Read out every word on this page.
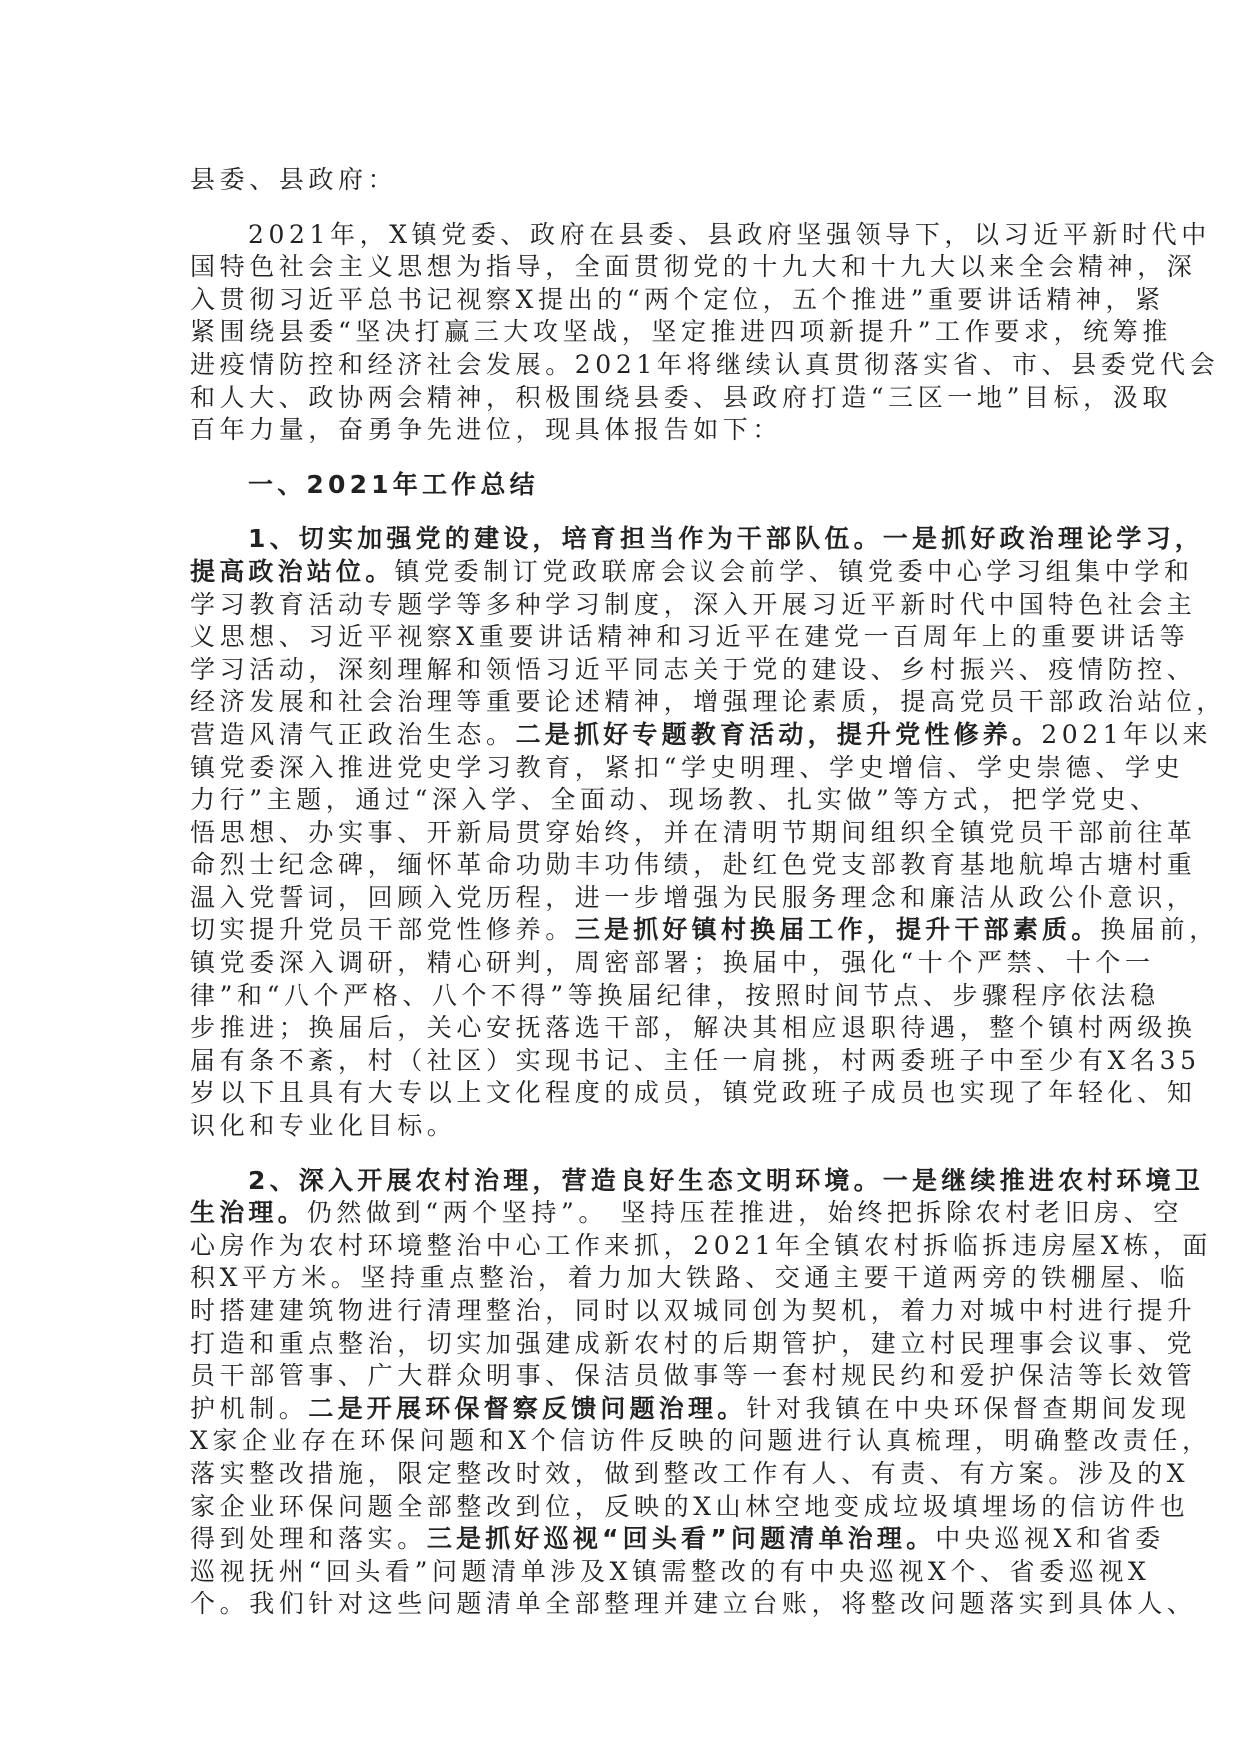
县委、县政府：
2021年，X镇党委、政府在县委、县政府坚强领导下，以习近平新时代中
国特色社会主义思想为指导，全面贯彻党的十九大和十九大以来全会精神，深
入贯彻习近平总书记视察X提出的“两个定位，五个推进”重要讲话精神，紧
紧围绕县委“坚决打赢三大攻坚战，坚定推进四项新提升”工作要求，统筹推
进疫情防控和经济社会发展。2021年将继续认真贯彻落实省、市、县委党代会
和人大、政协两会精神，积极围绕县委、县政府打造“三区一地”目标，汲取
百年力量，奋勇争先进位，现具体报告如下：
一、2021年工作总结
1、切实加强党的建设，培育担当作为干部队伍。一是抓好政治理论学习，
提高政治站位。镇党委制订党政联席会议会前学、镇党委中心学习组集中学和
学习教育活动专题学等多种学习制度，深入开展习近平新时代中国特色社会主
义思想、习近平视察X重要讲话精神和习近平在建党一百周年上的重要讲话等
学习活动，深刻理解和领悟习近平同志关于党的建设、乡村振兴、疫情防控、
经济发展和社会治理等重要论述精神，增强理论素质，提高党员干部政治站位，
营造风清气正政治生态。二是抓好专题教育活动，提升党性修养。2021年以来
镇党委深入推进党史学习教育，紧扣“学史明理、学史增信、学史崇德、学史
力行”主题，通过“深入学、全面动、现场教、扎实做”等方式，把学党史、
悟思想、办实事、开新局贯穿始终，并在清明节期间组织全镇党员干部前往革
命烈士纪念碑，缅怀革命功勋丰功伟绩，赴红色党支部教育基地航埠古塘村重
温入党誓词，回顾入党历程，进一步增强为民服务理念和廉洁从政公仆意识，
切实提升党员干部党性修养。三是抓好镇村换届工作，提升干部素质。换届前，
镇党委深入调研，精心研判，周密部署；换届中，强化“十个严禁、十个一
律”和“八个严格、八个不得”等换届纪律，按照时间节点、步骤程序依法稳
步推进；换届后，关心安抚落选干部，解决其相应退职待遇，整个镇村两级换
届有条不紊，村（社区）实现书记、主任一肩挑，村两委班子中至少有X名35
岁以下且具有大专以上文化程度的成员，镇党政班子成员也实现了年轻化、知
识化和专业化目标。
2、深入开展农村治理，营造良好生态文明环境。一是继续推进农村环境卫
生治理。仍然做到“两个坚持”。 坚持压茬推进，始终把拆除农村老旧房、空
心房作为农村环境整治中心工作来抓，2021年全镇农村拆临拆违房屋X栋，面
积X平方米。坚持重点整治，着力加大铁路、交通主要干道两旁的铁棚屋、临
时搭建建筑物进行清理整治，同时以双城同创为契机，着力对城中村进行提升
打造和重点整治，切实加强建成新农村的后期管护，建立村民理事会议事、党
员干部管事、广大群众明事、保洁员做事等一套村规民约和爱护保洁等长效管
护机制。二是开展环保督察反馈问题治理。针对我镇在中央环保督查期间发现
X家企业存在环保问题和X个信访件反映的问题进行认真梳理，明确整改责任，
落实整改措施，限定整改时效，做到整改工作有人、有责、有方案。涉及的X
家企业环保问题全部整改到位，反映的X山林空地变成垃圾填埋场的信访件也
得到处理和落实。三是抓好巡视“回头看”问题清单治理。中央巡视X和省委
巡视抚州“回头看”问题清单涉及X镇需整改的有中央巡视X个、省委巡视X
个。我们针对这些问题清单全部整理并建立台账，将整改问题落实到具体人、
